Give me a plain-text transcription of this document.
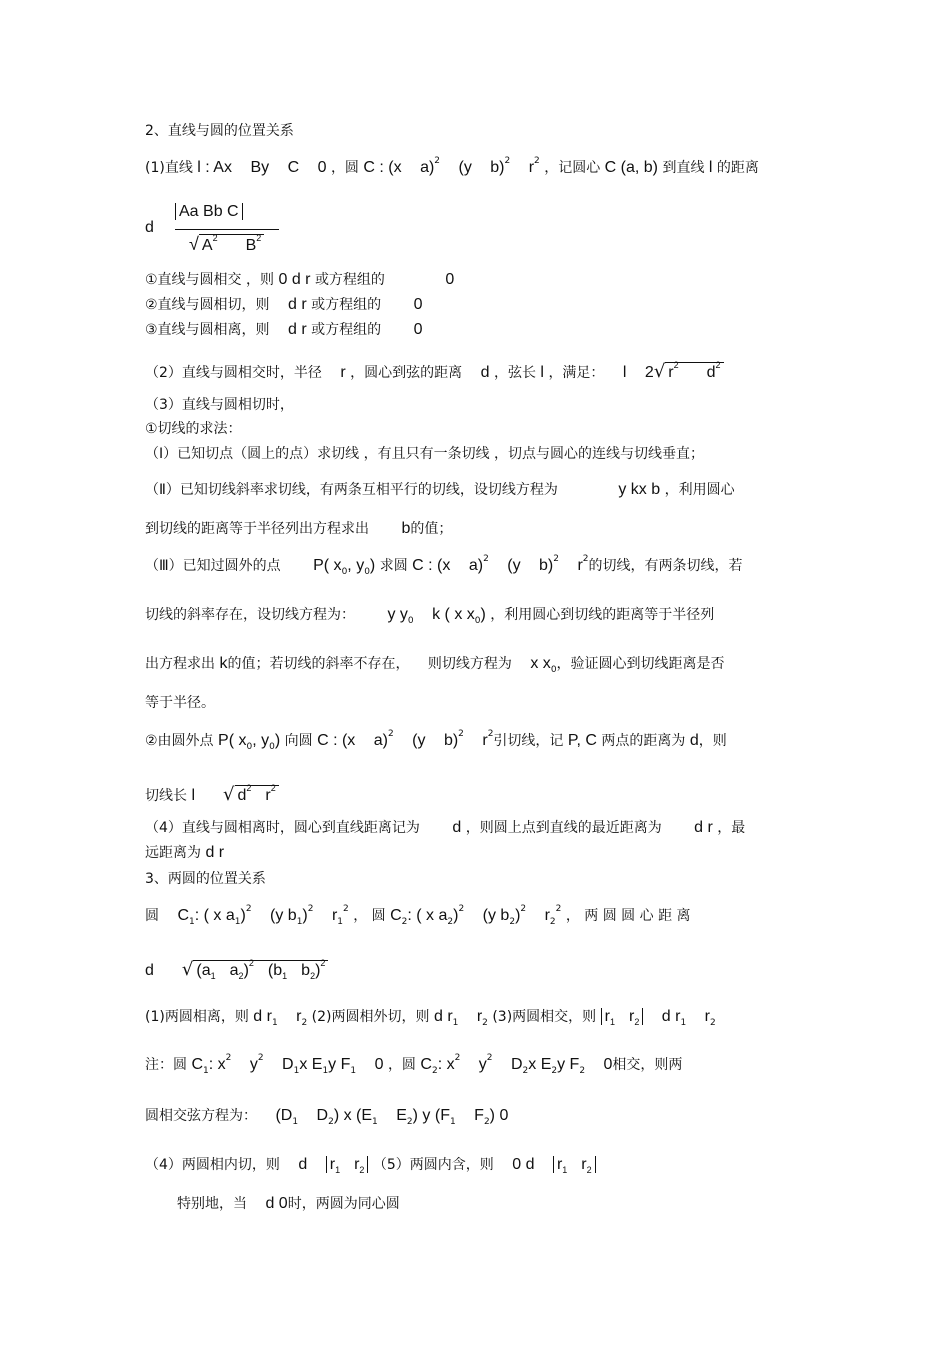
2、直线与圆的位置关系
(1)直线 l : Ax By C 0 ，圆 C : (x a)$^2$ (y b)$^2$ $r^2$ ，记圆心 C (a, b) 到直线 l 的距离
d
Aa Bb C
√ $A^2$ $B^2$
①直线与圆相交 ，则 0 d r 或方程组的	0
②直线与圆相切，则 d r 或方程组的 0
③直线与圆相离，则 d r 或方程组的 0
（2）直线与圆相交时，半径 r ，圆心到弦的距离 d ，弦长 l ，满足： l 2√ $r^2$ $d^2$
（3）直线与圆相切时，
①切线的求法：
（Ⅰ）已知切点（圆上的点）求切线 ，有且只有一条切线 ，切点与圆心的连线与切线垂直；
（Ⅱ）已知切线斜率求切线，有两条互相平行的切线，设切线方程为	y kx b ，利用圆心
到切线的距离等于半径列出方程求出 b的值；
（Ⅲ）已知过圆外的点 P( $x_0$, $y_0$) 求圆 C : (x a)$^2$ (y b)$^2$ $r^2$的切线，有两条切线，若
切线的斜率存在，设切线方程为： y $y_0$ k ( x $x_0$) ，利用圆心到切线的距离等于半径列
出方程求出 k的值；若切线的斜率不存在， 则切线方程为 x $x_0$，验证圆心到切线距离是否
等于半径。
②由圆外点 P( $x_0$, $y_0$) 向圆 C : (x a)$^2$ (y b)$^2$ $r^2$引切线，记 P, C 两点的距离为 d，则
切线长 l √ $d^2$ $r^2$
（4）直线与圆相离时，圆心到直线距离记为 d ，则圆上点到直线的最近距离为 d r ，最
远距离为 d r
3、两圆的位置关系
圆 $C_1$: ( x $a_1)^2$ (y $b_1)^2$ $r_1^2$ ， 圆 $C_2$: ( x $a_2)^2$ (y $b_2)^2$ $r_2^2$ ， 两 圆 圆 心 距 离
d √ ($a_1$ $a_2)^2$ ($b_1$ $b_2)^2$
(1)两圆相离，则 d $r_1$ $r_2$ (2)两圆相外切，则 d $r_1$ $r_2$ (3)两圆相交，则 $r_1$ $r_2$ d $r_1$ $r_2$
注：圆 $C_1$: $x^2$ $y^2$ $D_1x$ $E_1y$ $F_1$ 0 ，圆 $C_2$: $x^2$ $y^2$ $D_2x$ $E_2y$ $F_2$ 0相交，则两
圆相交弦方程为： ($D_1$ $D_2$) x ($E_1$ $E_2$) y ($F_1$ $F_2$) 0
（4）两圆相内切，则 d $r_1$ $r_2$ （5）两圆内含，则 0 d $r_1$ $r_2$
特别地，当 d 0时，两圆为同心圆
